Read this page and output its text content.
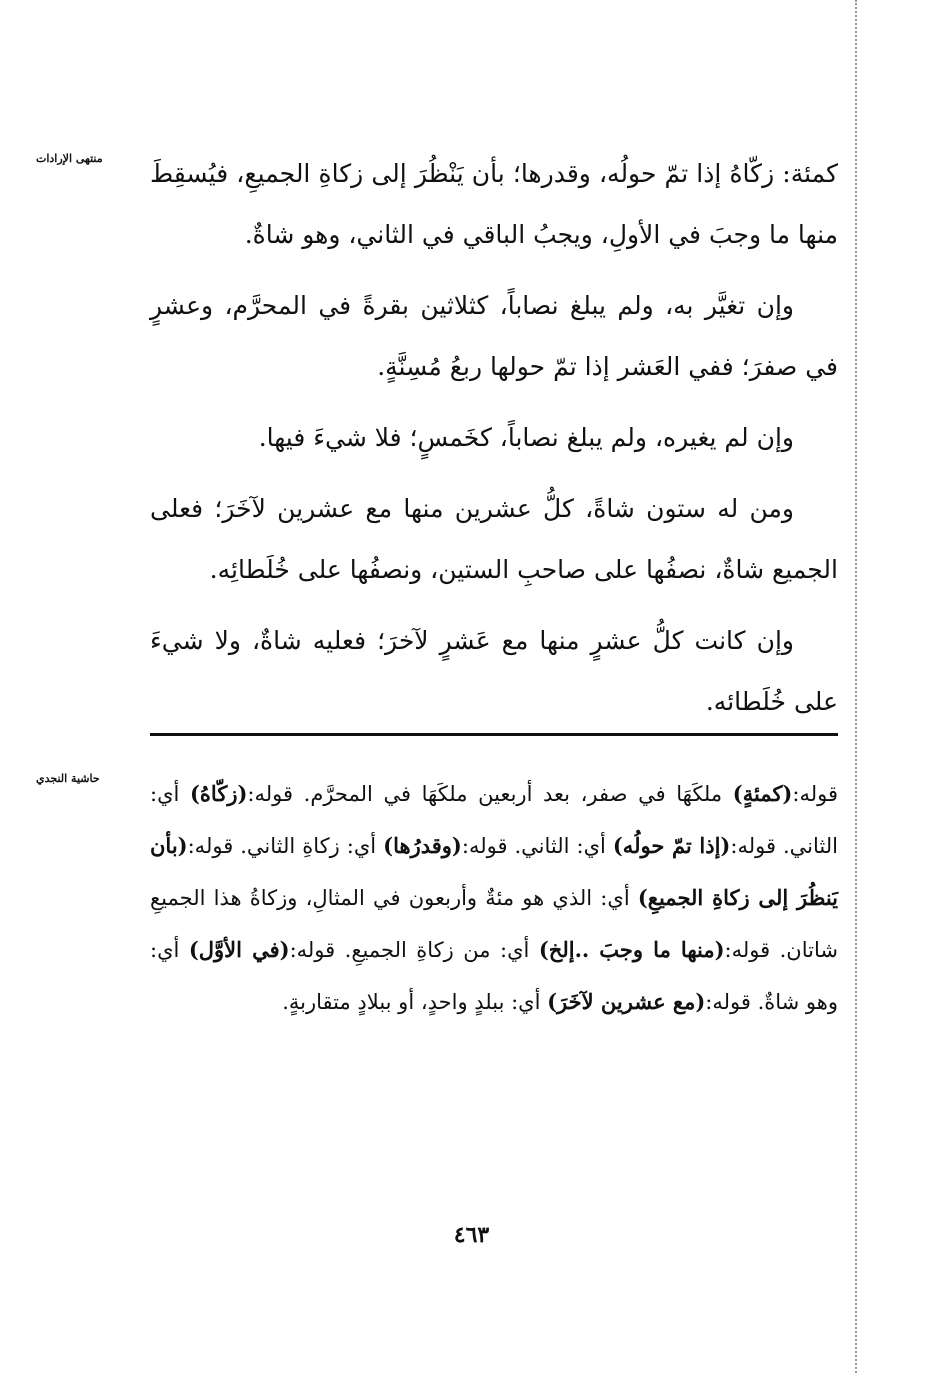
منتهى الإرادات

كمئة: زكّاهُ إذا تمّ حولُه، وقدرها؛ بأن يَنْظُرَ إلى زكاةِ الجميعِ، فيُسقِطَ منها ما وجبَ في الأولِ، ويجبُ الباقي في الثاني، وهو شاةٌ.

وإن تغيَّر به، ولم يبلغ نصاباً، كثلاثين بقرةً في المحرَّم، وعشرٍ في صفرَ؛ ففي العَشر إذا تمّ حولها ربعُ مُسِنَّةٍ.

وإن لم يغيره، ولم يبلغ نصاباً، كخَمسٍ؛ فلا شيءَ فيها.

ومن له ستون شاةً، كلُّ عشرين منها مع عشرين لآخَرَ؛ فعلى الجميع شاةٌ، نصفُها على صاحبِ الستين، ونصفُها على خُلَطائِه.

وإن كانت كلُّ عشرٍ منها مع عَشرٍ لآخرَ؛ فعليه شاةٌ، ولا شيءَ على خُلَطائه.

حاشية النجدي

قوله:(كمئةٍ) ملكَهَا في صفر، بعد أربعين ملكَهَا في المحرَّم. قوله:(زكّاهُ) أي: الثاني. قوله:(إذا تمّ حولُه) أي: الثاني. قوله:(وقدرُها) أي: زكاةِ الثاني. قوله:(بأن يَنظُرَ إلى زكاةِ الجميعِ) أي: الذي هو مئةٌ وأربعون في المثالِ، وزكاةُ هذا الجميعِ شاتان. قوله:(منها ما وجبَ ..إلخ) أي: من زكاةِ الجميعِ. قوله:(في الأوَّل) أي: وهو شاةٌ. قوله:(مع عشرين لآخَرَ) أي: ببلدٍ واحدٍ، أو ببلادٍ متقاربةٍ.

٤٦٣
